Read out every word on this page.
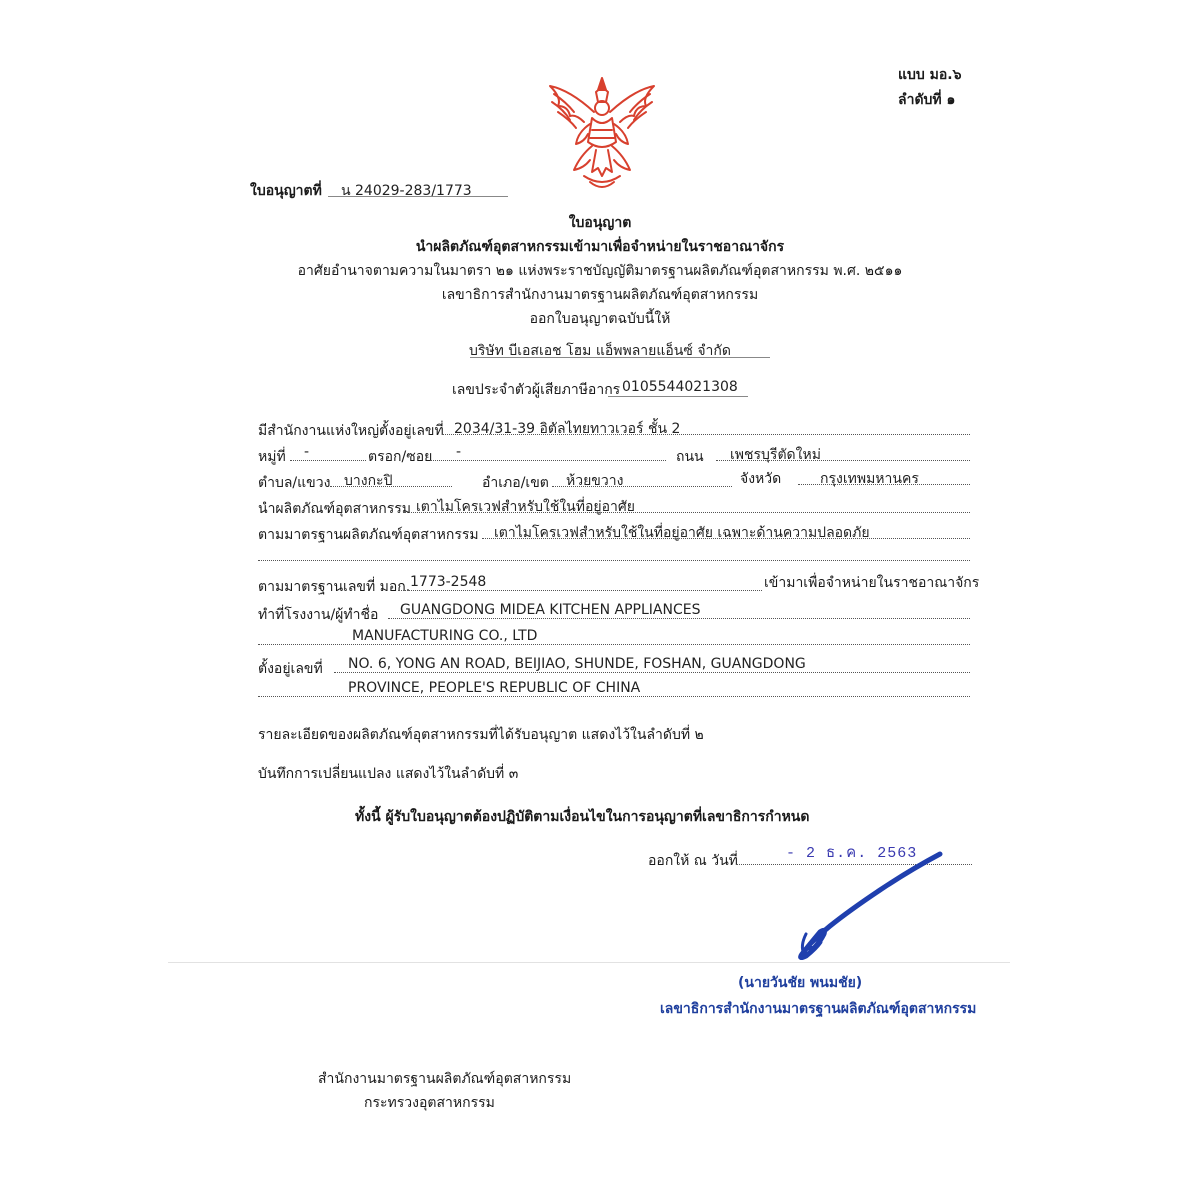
แบบ มอ.๖
ลำดับที่ ๑
ใบอนุญาตที่ น 24029-283/1773
ใบอนุญาต
นำผลิตภัณฑ์อุตสาหกรรมเข้ามาเพื่อจำหน่ายในราชอาณาจักร
อาศัยอำนาจตามความในมาตรา ๒๑ แห่งพระราชบัญญัติมาตรฐานผลิตภัณฑ์อุตสาหกรรม พ.ศ. ๒๕๑๑
เลขาธิการสำนักงานมาตรฐานผลิตภัณฑ์อุตสาหกรรม
ออกใบอนุญาตฉบับนี้ให้
บริษัท บีเอสเอช โฮม แอ็พพลายแอ็นซ์ จำกัด
เลขประจำตัวผู้เสียภาษีอากร 0105544021308
มีสำนักงานแห่งใหญ่ตั้งอยู่เลขที่ 2034/31-39 อิตัลไทยทาวเวอร์ ชั้น 2
หมู่ที่ -	ตรอก/ซอย -	ถนน เพชรบุรีตัดใหม่
ตำบล/แขวง บางกะปิ	อำเภอ/เขต ห้วยขวาง	จังหวัด	กรุงเทพมหานคร
นำผลิตภัณฑ์อุตสาหกรรม เตาไมโครเวฟสำหรับใช้ในที่อยู่อาศัย
ตามมาตรฐานผลิตภัณฑ์อุตสาหกรรม เตาไมโครเวฟสำหรับใช้ในที่อยู่อาศัย เฉพาะด้านความปลอดภัย
ตามมาตรฐานเลขที่ มอก. 1773-2548	เข้ามาเพื่อจำหน่ายในราชอาณาจักร
ทำที่โรงงาน/ผู้ทำชื่อ GUANGDONG MIDEA KITCHEN APPLIANCES
MANUFACTURING CO., LTD
ตั้งอยู่เลขที่ NO. 6, YONG AN ROAD, BEIJIAO, SHUNDE, FOSHAN, GUANGDONG
PROVINCE, PEOPLE'S REPUBLIC OF CHINA
รายละเอียดของผลิตภัณฑ์อุตสาหกรรมที่ได้รับอนุญาต แสดงไว้ในลำดับที่ ๒
บันทึกการเปลี่ยนแปลง แสดงไว้ในลำดับที่ ๓
ทั้งนี้ ผู้รับใบอนุญาตต้องปฏิบัติตามเงื่อนไขในการอนุญาตที่เลขาธิการกำหนด
ออกให้ ณ วันที่	- 2 ธ.ค. 2563
(นายวันชัย พนมชัย)
เลขาธิการสำนักงานมาตรฐานผลิตภัณฑ์อุตสาหกรรม
สำนักงานมาตรฐานผลิตภัณฑ์อุตสาหกรรม
กระทรวงอุตสาหกรรม
